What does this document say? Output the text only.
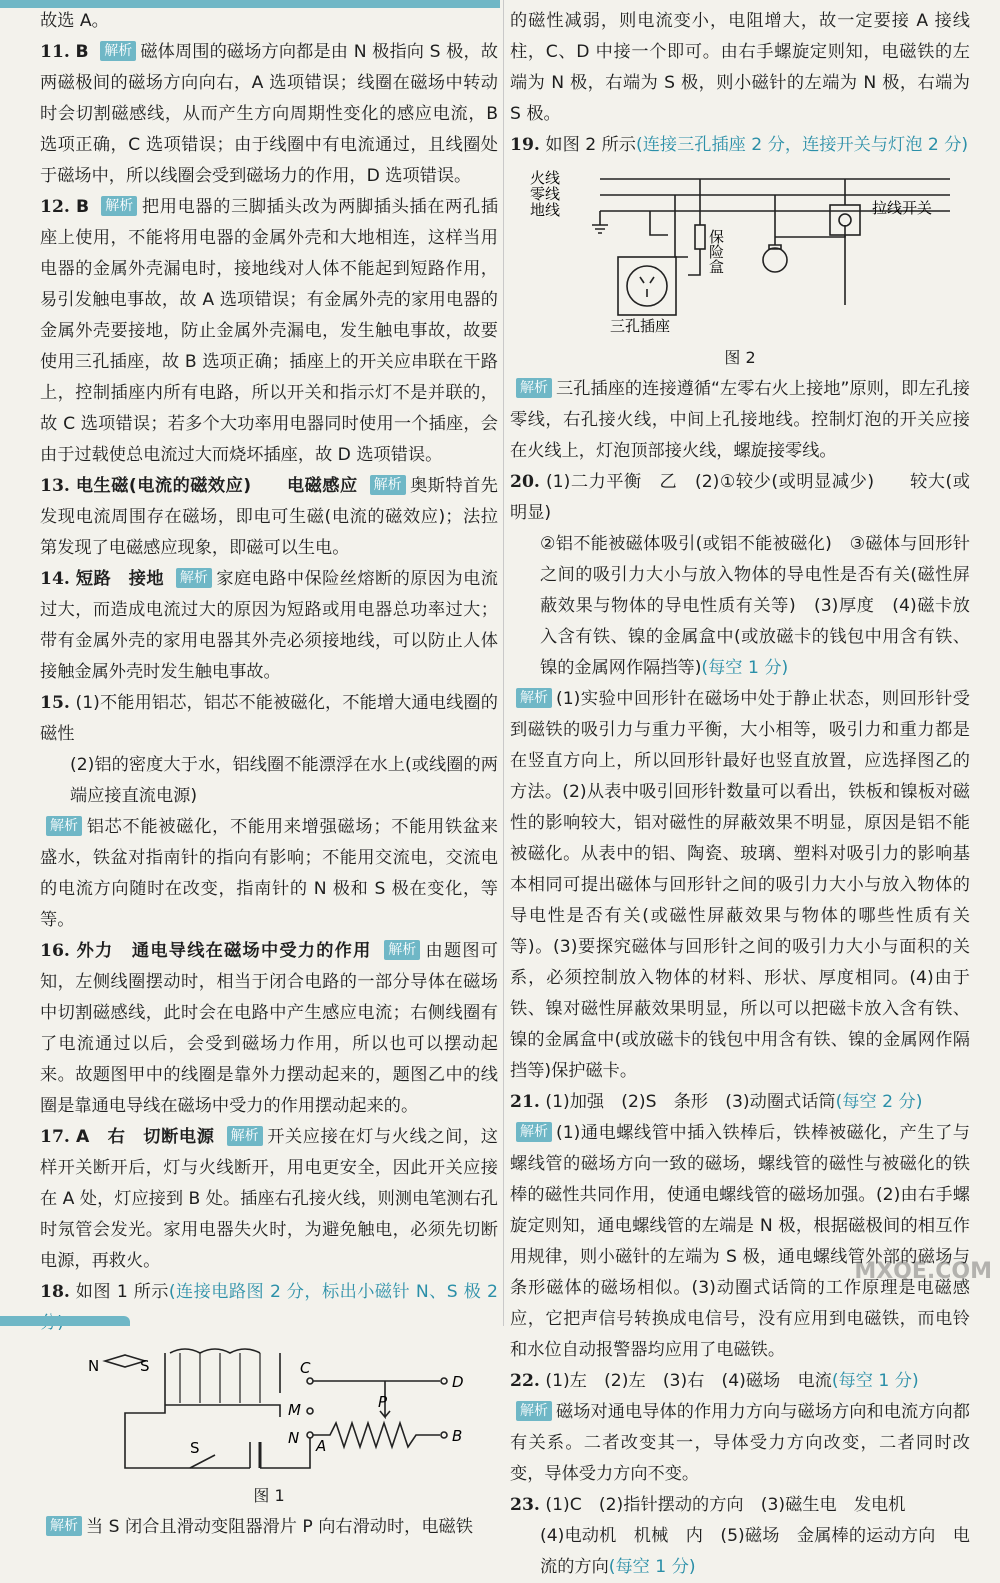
故选 A。

11. B 解析 磁体周围的磁场方向都是由 N 极指向 S 极，故两磁极间的磁场方向向右，A 选项错误；线圈在磁场中转动时会切割磁感线，从而产生方向周期性变化的感应电流，B 选项正确，C 选项错误；由于线圈中有电流通过，且线圈处于磁场中，所以线圈会受到磁场力的作用，D 选项错误。

12. B 解析 把用电器的三脚插头改为两脚插头插在两孔插座上使用，不能将用电器的金属外壳和大地相连，这样当用电器的金属外壳漏电时，接地线对人体不能起到短路作用，易引发触电事故，故 A 选项错误；有金属外壳的家用电器的金属外壳要接地，防止金属外壳漏电，发生触电事故，故要使用三孔插座，故 B 选项正确；插座上的开关应串联在干路上，控制插座内所有电路，所以开关和指示灯不是并联的，故 C 选项错误；若多个大功率用电器同时使用一个插座，会由于过载使总电流过大而烧坏插座，故 D 选项错误。

13. 电生磁(电流的磁效应)　　电磁感应 解析 奥斯特首先发现电流周围存在磁场，即电可生磁(电流的磁效应)；法拉第发现了电磁感应现象，即磁可以生电。

14. 短路　接地 解析 家庭电路中保险丝熔断的原因为电流过大，而造成电流过大的原因为短路或用电器总功率过大；带有金属外壳的家用电器其外壳必须接地线，可以防止人体接触金属外壳时发生触电事故。

15. (1)不能用铝芯，铝芯不能被磁化，不能增大通电线圈的磁性

(2)铝的密度大于水，铝线圈不能漂浮在水上(或线圈的两端应接直流电源)

解析 铝芯不能被磁化，不能用来增强磁场；不能用铁盆来盛水，铁盆对指南针的指向有影响；不能用交流电，交流电的电流方向随时在改变，指南针的 N 极和 S 极在变化，等等。

16. 外力　通电导线在磁场中受力的作用 解析 由题图可知，左侧线圈摆动时，相当于闭合电路的一部分导体在磁场中切割磁感线，此时会在电路中产生感应电流；右侧线圈有了电流通过以后，会受到磁场力作用，所以也可以摆动起来。故题图甲中的线圈是靠外力摆动起来的，题图乙中的线圈是靠通电导线在磁场中受力的作用摆动起来的。

17. A　右　切断电源 解析 开关应接在灯与火线之间，这样开关断开后，灯与火线断开，用电更安全，因此开关应接在 A 处，灯应接到 B 处。插座右孔接火线，则测电笔测右孔时氖管会发光。家用电器失火时，为避免触电，必须先切断电源，再救火。

18. 如图 1 所示(连接电路图 2 分，标出小磁针 N、S 极 2

N	S	C
D
M	P
N A
B
S
图 1

解析 当 S 闭合且滑动变阻器滑片 P 向右滑动时，电磁铁

的磁性减弱，则电流变小，电阻增大，故一定要接 A 接线柱，C、D 中接一个即可。由右手螺旋定则知，电磁铁的左端为 N 极，右端为 S 极，则小磁针的左端为 N 极，右端为 S 极。

19. 如图 2 所示(连接三孔插座 2 分，连接开关与灯泡 2 分)

火线
零线
地线
保险盒
三孔插座
拉线开关
图 2

解析 三孔插座的连接遵循“左零右火上接地”原则，即左孔接零线，右孔接火线，中间上孔接地线。控制灯泡的开关应接在火线上，灯泡顶部接火线，螺旋接零线。

20. (1)二力平衡　乙　(2)①较少(或明显减少)　　较大(或明显)

②铝不能被磁体吸引(或铝不能被磁化)　③磁体与回形针之间的吸引力大小与放入物体的导电性是否有关(磁性屏蔽效果与物体的导电性质有关等)　(3)厚度　(4)磁卡放入含有铁、镍的金属盒中(或放磁卡的钱包中用含有铁、镍的金属网作隔挡等)(每空 1 分)

解析 (1)实验中回形针在磁场中处于静止状态，则回形针受到磁铁的吸引力与重力平衡，大小相等，吸引力和重力都是在竖直方向上，所以回形针最好也竖直放置，应选择图乙的方法。(2)从表中吸引回形针数量可以看出，铁板和镍板对磁性的影响较大，铝对磁性的屏蔽效果不明显，原因是铝不能被磁化。从表中的铝、陶瓷、玻璃、塑料对吸引力的影响基本相同可提出磁体与回形针之间的吸引力大小与放入物体的导电性是否有关(或磁性屏蔽效果与物体的哪些性质有关等)。(3)要探究磁体与回形针之间的吸引力大小与面积的关系，必须控制放入物体的材料、形状、厚度相同。(4)由于铁、镍对磁性屏蔽效果明显，所以可以把磁卡放入含有铁、镍的金属盒中(或放磁卡的钱包中用含有铁、镍的金属网作隔挡等)保护磁卡。

21. (1)加强　(2)S　条形　(3)动圈式话筒(每空 2 分)

解析 (1)通电螺线管中插入铁棒后，铁棒被磁化，产生了与螺线管的磁场方向一致的磁场，螺线管的磁性与被磁化的铁棒的磁性共同作用，使通电螺线管的磁场加强。(2)由右手螺旋定则知，通电螺线管的左端是 N 极，根据磁极间的相互作用规律，则小磁针的左端为 S 极，通电螺线管外部的磁场与条形磁体的磁场相似。(3)动圈式话筒的工作原理是电磁感应，它把声信号转换成电信号，没有应用到电磁铁，而电铃和水位自动报警器均应用了电磁铁。

22. (1)左　(2)左　(3)右　(4)磁场　电流(每空 1 分)

解析 磁场对通电导体的作用力方向与磁场方向和电流方向都有关系。二者改变其一，导体受力方向改变，二者同时改变，导体受力方向不变。

23. (1)C　(2)指针摆动的方向　(3)磁生电　发电机

(4)电动机　机械　内　(5)磁场　金属棒的运动方向　电流的方向(每空 1 分)

MXQE.COM
